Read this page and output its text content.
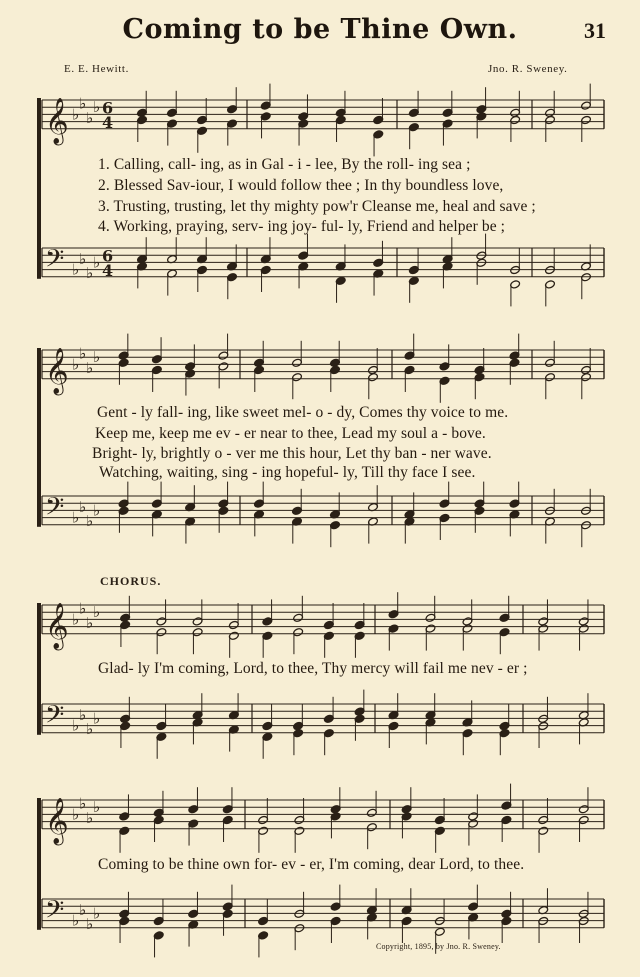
𝄞 ♭
♭
♭
♭ 6
4
𝄢 ♭
♭
♭
♭ 6
4
𝄞 ♭
♭
♭
♭
𝄢 ♭
♭
♭
♭
𝄞 ♭
♭
♭
♭
𝄢 ♭
♭
♭
♭
𝄞 ♭
♭
♭
♭
𝄢 ♭
♭
♭
♭
Coming to be Thine Own.	31
E. E. Hewitt.	Jno. R. Sweney.
1. Calling, call- ing, as in Gal - i - lee, By the roll- ing sea ;
2. Blessed Sav-iour, I would follow thee ; In thy boundless love,
3. Trusting, trusting, let thy mighty pow'r Cleanse me, heal and save ;
4. Working, praying, serv- ing joy- ful- ly, Friend and helper be ;
Gent - ly fall- ing, like sweet mel- o - dy, Comes thy voice to me.
Keep me, keep me ev - er near to thee, Lead my soul a - bove.
Bright- ly, brightly o - ver me this hour, Let thy ban - ner wave.
Watching, waiting, sing - ing hopeful- ly, Till thy face I see.
CHORUS.
Glad- ly I'm coming, Lord, to thee, Thy mercy will fail me nev - er ;
Coming to be thine own for- ev - er, I'm coming, dear Lord, to thee.
Copyright, 1895, by Jno. R. Sweney.
